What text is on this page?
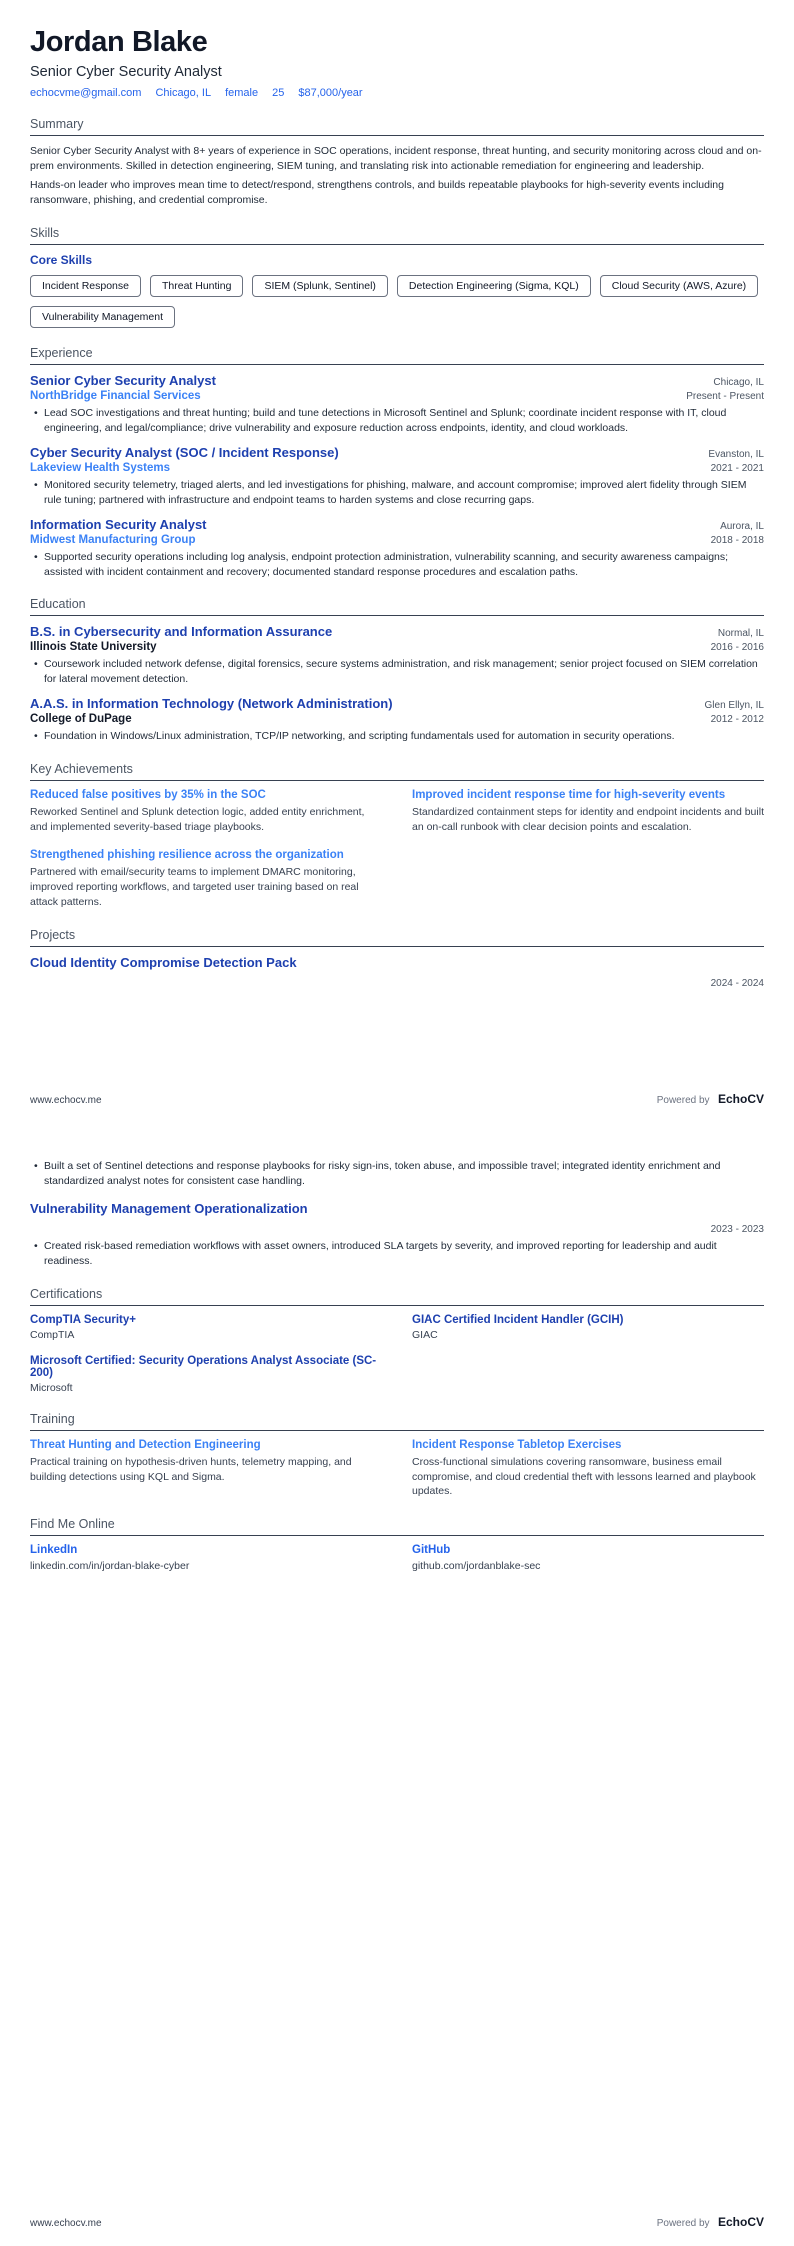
Jordan Blake
Senior Cyber Security Analyst
echocvme@gmail.com Chicago, IL female 25 $87,000/year
Summary

Senior Cyber Security Analyst with 8+ years of experience in SOC operations, incident response, threat hunting, and security monitoring across cloud and on-prem environments. Skilled in detection engineering, SIEM tuning, and translating risk into actionable remediation for engineering and leadership.

Hands-on leader who improves mean time to detect/respond, strengthens controls, and builds repeatable playbooks for high-severity events including ransomware, phishing, and credential compromise.

Skills
Core Skills
Incident Response	Threat Hunting	SIEM (Splunk, Sentinel)	Detection Engineering (Sigma, KQL)	Cloud Security (AWS, Azure)
Vulnerability Management
Experience
Senior Cyber Security Analyst	Chicago, IL
NorthBridge Financial Services	Present - Present
• Lead SOC investigations and threat hunting; build and tune detections in Microsoft Sentinel and Splunk; coordinate incident response with IT, cloud engineering, and legal/compliance; drive vulnerability and exposure reduction across endpoints, identity, and cloud workloads.
Cyber Security Analyst (SOC / Incident Response)	Evanston, IL
Lakeview Health Systems	2021 - 2021
• Monitored security telemetry, triaged alerts, and led investigations for phishing, malware, and account compromise; improved alert fidelity through SIEM rule tuning; partnered with infrastructure and endpoint teams to harden systems and close recurring gaps.
Information Security Analyst	Aurora, IL
Midwest Manufacturing Group	2018 - 2018
• Supported security operations including log analysis, endpoint protection administration, vulnerability scanning, and security awareness campaigns; assisted with incident containment and recovery; documented standard response procedures and escalation paths.
Education
B.S. in Cybersecurity and Information Assurance	Normal, IL
Illinois State University	2016 - 2016
• Coursework included network defense, digital forensics, secure systems administration, and risk management; senior project focused on SIEM correlation for lateral movement detection.
A.A.S. in Information Technology (Network Administration)	Glen Ellyn, IL
College of DuPage	2012 - 2012
• Foundation in Windows/Linux administration, TCP/IP networking, and scripting fundamentals used for automation in security operations.
Key Achievements
Reduced false positives by 35% in the SOC
Reworked Sentinel and Splunk detection logic, added entity enrichment, and implemented severity-based triage playbooks.
Improved incident response time for high-severity events
Standardized containment steps for identity and endpoint incidents and built an on-call runbook with clear decision points and escalation.
Strengthened phishing resilience across the organization
Partnered with email/security teams to implement DMARC monitoring, improved reporting workflows, and targeted user training based on real attack patterns.
Projects
Cloud Identity Compromise Detection Pack
2024 - 2024
www.echocv.me	Powered by EchoCV
• Built a set of Sentinel detections and response playbooks for risky sign-ins, token abuse, and impossible travel; integrated identity enrichment and standardized analyst notes for consistent case handling.
Vulnerability Management Operationalization
2023 - 2023
• Created risk-based remediation workflows with asset owners, introduced SLA targets by severity, and improved reporting for leadership and audit readiness.
Certifications
CompTIA Security+
CompTIA
GIAC Certified Incident Handler (GCIH)
GIAC
Microsoft Certified: Security Operations Analyst Associate (SC-200)
Microsoft
Training
Threat Hunting and Detection Engineering
Practical training on hypothesis-driven hunts, telemetry mapping, and building detections using KQL and Sigma.
Incident Response Tabletop Exercises
Cross-functional simulations covering ransomware, business email compromise, and cloud credential theft with lessons learned and playbook updates.
Find Me Online
LinkedIn
linkedin.com/in/jordan-blake-cyber
GitHub
github.com/jordanblake-sec
www.echocv.me	Powered by EchoCV
